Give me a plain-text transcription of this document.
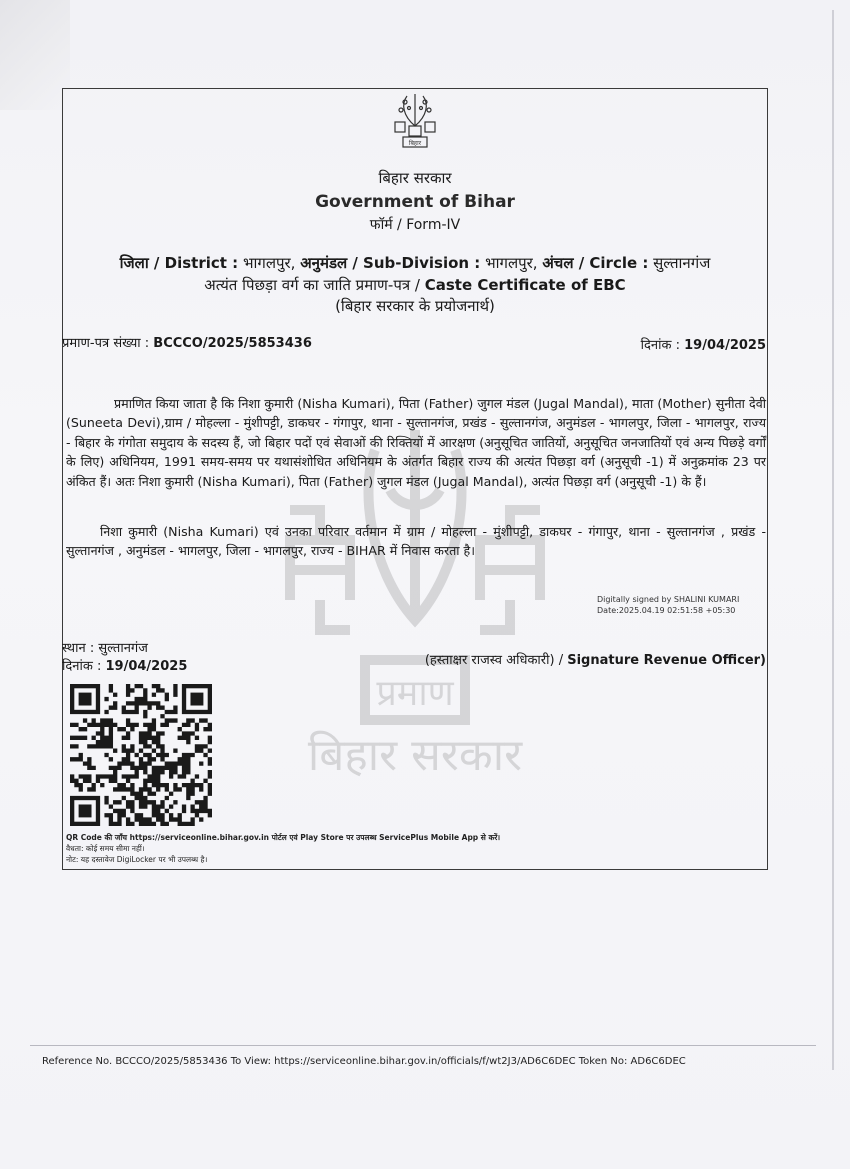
प्रमाण
बिहार सरकार
बिहार
बिहार सरकार
Government of Bihar
फॉर्म / Form-IV
जिला / District : भागलपुर, अनुमंडल / Sub-Division : भागलपुर, अंचल / Circle : सुल्तानगंज
अत्यंत पिछड़ा वर्ग का जाति प्रमाण-पत्र / Caste Certificate of EBC
(बिहार सरकार के प्रयोजनार्थ)
प्रमाण-पत्र संख्या : BCCCO/2025/5853436	दिनांक : 19/04/2025
प्रमाणित किया जाता है कि निशा कुमारी (Nisha Kumari), पिता (Father) जुगल मंडल (Jugal Mandal), माता (Mother) सुनीता देवी (Suneeta Devi),ग्राम / मोहल्ला - मुंशीपट्टी, डाकघर - गंगापुर, थाना - सुल्तानगंज, प्रखंड - सुल्तानगंज, अनुमंडल - भागलपुर, जिला - भागलपुर, राज्य - बिहार के गंगोता समुदाय के सदस्य हैं, जो बिहार पदों एवं सेवाओं की रिक्तियों में आरक्षण (अनुसूचित जातियों, अनुसूचित जनजातियों एवं अन्य पिछड़े वर्गों के लिए) अधिनियम, 1991 समय-समय पर यथासंशोधित अधिनियम के अंतर्गत बिहार राज्य की अत्यंत पिछड़ा वर्ग (अनुसूची -1) में अनुक्रमांक 23 पर अंकित हैं। अतः निशा कुमारी (Nisha Kumari), पिता (Father) जुगल मंडल (Jugal Mandal), अत्यंत पिछड़ा वर्ग (अनुसूची -1) के हैं।
निशा कुमारी (Nisha Kumari) एवं उनका परिवार वर्तमान में ग्राम / मोहल्ला - मुंशीपट्टी, डाकघर - गंगापुर, थाना - सुल्तानगंज , प्रखंड - सुल्तानगंज , अनुमंडल - भागलपुर, जिला - भागलपुर, राज्य - BIHAR में निवास करता है।
Digitally signed by SHALINI KUMARI
Date:2025.04.19 02:51:58 +05:30
स्थान : सुल्तानगंज
दिनांक : 19/04/2025	(हस्ताक्षर राजस्व अधिकारी) / Signature Revenue Officer)
QR Code की जाँच https://serviceonline.bihar.gov.in पोर्टल एवं Play Store पर उपलब्ध ServicePlus Mobile App से करें।
वैधता: कोई समय सीमा नहीं।
नोट: यह दस्तावेज DigiLocker पर भी उपलब्ध है।
Reference No. BCCCO/2025/5853436 To View: https://serviceonline.bihar.gov.in/officials/f/wt2J3/AD6C6DEC Token No: AD6C6DEC
